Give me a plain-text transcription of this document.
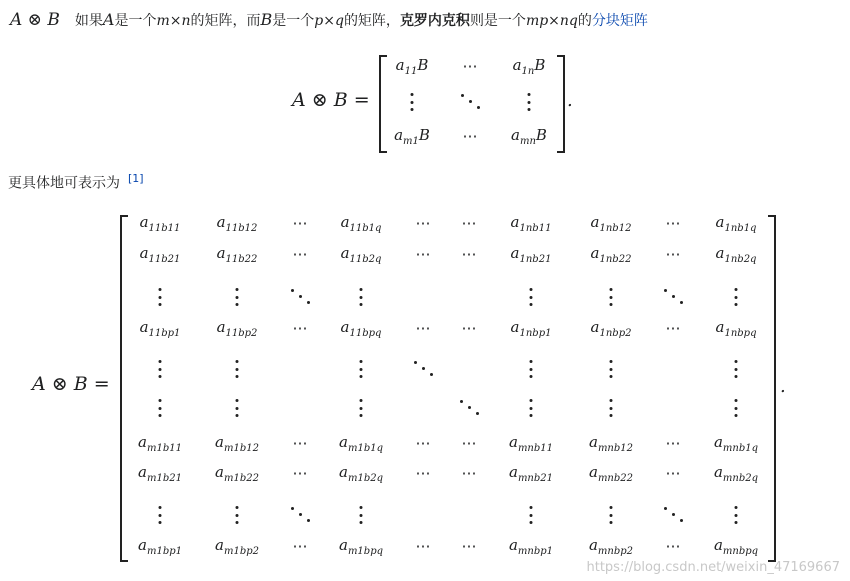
A ⊗ B 如果A是一个m×n的矩阵，而B是一个p×q的矩阵，克罗内克积则是一个mp×nq的分块矩阵
A ⊗ B =
$a_{11}B$ ⋯ $a_{1n}B$
$a_{m1}B$ ⋯ $a_{mn}B$
.
更具体地可表示为 [1]
A ⊗ B =
$a_{11b11}$ $a_{11b12}$ ⋯ $a_{11b1q}$ ⋯ ⋯ $a_{1nb11}$	$a_{1nb12}$ ⋯ $a_{1nb1q}$
$a_{11b21}$ $a_{11b22}$ ⋯ $a_{11b2q}$ ⋯ ⋯ $a_{1nb21}$	$a_{1nb22}$ ⋯ $a_{1nb2q}$
$a_{11bp1}$ $a_{11bp2}$ ⋯ $a_{11bpq}$ ⋯ ⋯ $a_{1nbp1}$	$a_{1nbp2}$ ⋯ $a_{1nbpq}$
$a_{m1b11}$ $a_{m1b12}$ ⋯ $a_{m1b1q}$ ⋯ ⋯ $a_{mnb11}$ $a_{mnb12}$ ⋯ $a_{mnb1q}$
$a_{m1b21}$ $a_{m1b22}$ ⋯ $a_{m1b2q}$ ⋯ ⋯ $a_{mnb21}$ $a_{mnb22}$ ⋯ $a_{mnb2q}$
$a_{m1bp1}$ $a_{m1bp2}$ ⋯ $a_{m1bpq}$ ⋯ ⋯ $a_{mnbp1}$ $a_{mnbp2}$ ⋯ $a_{mnbpq}$
.
https://blog.csdn.net/weixin_47169667
